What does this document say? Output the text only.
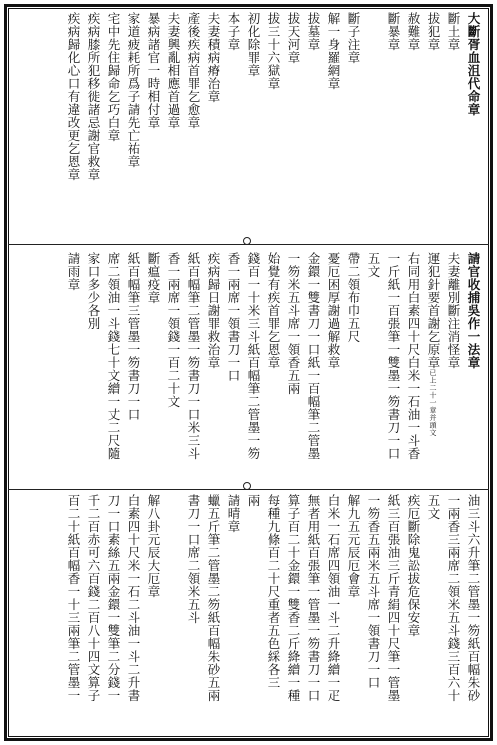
大斷胥血沮代命章
斷土章
拔犯章
赦難章
斷暴章
斷子注章
解一身羅網章
拔墓章
拔天河章
拔三十六獄章
初化除罪章
本子章
夫妻積病瘠治章
產後疾病首罪乞愈章
夫妻興亂相應首過章
暴病諸官一時相付章
家道疲耗所爲子請先亡祐章
宅中先住歸命乞巧白章
疾病膝所犯移徙諸忌謝官救章
疾病歸化心口有違改更乞恩章
請官收捕吳作一法章
夫妻離別斷注消怪章
運犯針要首謝乞原章已上二十一章并頭文
右同用白素四十尺白米一石油一斗香
一斤紙一百張筆一雙墨一笏書刀一口
五文
帶二領布巾五尺
憂厄困厚謝過解救章
金鐶一雙書刀一口紙一百幅筆二管墨
一笏米五斗席一領香五兩
始覺有疾首罪乞恩章
錢百一十米三斗紙百幅筆二管墨一笏
香一兩席一領書刀一口
疾病歸日謝罪救治章
紙百幅筆二管墨一笏書刀一口米三斗
香一兩席一領錢一百二十文
斷瘟疫章
紙百幅筆三管墨一笏書刀一口
席二領油一斗錢七十文繒一丈二尺隨
家口多少各別
請雨章
油三斗六升筆二管墨一笏紙百幅朱砂
一兩香三兩席二領米五斗錢三百六十
五文
疾厄斷除鬼訟拔危保安章
紙三百張油三斤青絹四十尺筆一管墨
一笏香五兩米五斗席一領書刀一口
解九五元辰厄會章
白米一石席四領油一斗二升絳繒一疋
無者用紙百張筆一管墨一笏書刀一口
算子百二十金鐶一雙香二斤絳繒一種
每種九條百二十尺重者五色綵各三
兩
請晴章
蠟五斤筆二管墨二笏紙百幅朱砂五兩
書刀一口席二領米五斗
解八卦元辰大厄章
白素四十尺米一石二斗油一斗二升書
刀一口素絲五兩金鐶一雙筆二分錢一
千二百赤可六百錢二百八十四文算子
百二十紙百幅香一十三兩筆二管墨一
